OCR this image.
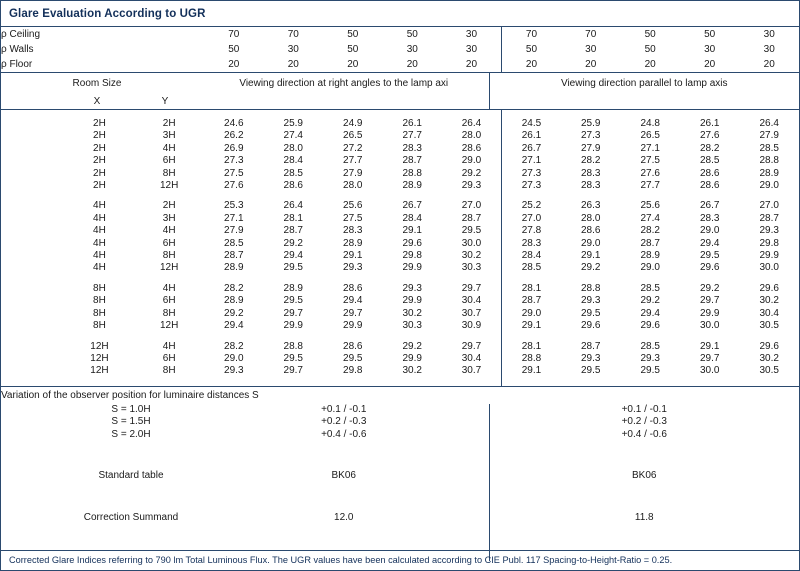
Glare Evaluation According to UGR
ρ Ceiling	70	70	50	50	30	70	70	50	50	30
ρ Walls	50	30	50	30	30	50	30	50	30	30
ρ Floor	20	20	20	20	20	20	20	20	20	20
	Room Size		Viewing direction at right angles to the lamp axi	Viewing direction parallel to lamp axis
	X	Y		

	2H	2H	24.6	25.9	24.9	26.1	26.4	24.5	25.9	24.8	26.1	26.4
	2H	3H	26.2	27.4	26.5	27.7	28.0	26.1	27.3	26.5	27.6	27.9
	2H	4H	26.9	28.0	27.2	28.3	28.6	26.7	27.9	27.1	28.2	28.5
	2H	6H	27.3	28.4	27.7	28.7	29.0	27.1	28.2	27.5	28.5	28.8
	2H	8H	27.5	28.5	27.9	28.8	29.2	27.3	28.3	27.6	28.6	28.9
	2H	12H	27.6	28.6	28.0	28.9	29.3	27.3	28.3	27.7	28.6	29.0

	4H	2H	25.3	26.4	25.6	26.7	27.0	25.2	26.3	25.6	26.7	27.0
	4H	3H	27.1	28.1	27.5	28.4	28.7	27.0	28.0	27.4	28.3	28.7
	4H	4H	27.9	28.7	28.3	29.1	29.5	27.8	28.6	28.2	29.0	29.3
	4H	6H	28.5	29.2	28.9	29.6	30.0	28.3	29.0	28.7	29.4	29.8
	4H	8H	28.7	29.4	29.1	29.8	30.2	28.4	29.1	28.9	29.5	29.9
	4H	12H	28.9	29.5	29.3	29.9	30.3	28.5	29.2	29.0	29.6	30.0

	8H	4H	28.2	28.9	28.6	29.3	29.7	28.1	28.8	28.5	29.2	29.6
	8H	6H	28.9	29.5	29.4	29.9	30.4	28.7	29.3	29.2	29.7	30.2
	8H	8H	29.2	29.7	29.7	30.2	30.7	29.0	29.5	29.4	29.9	30.4
	8H	12H	29.4	29.9	29.9	30.3	30.9	29.1	29.6	29.6	30.0	30.5

	12H	4H	28.2	28.8	28.6	29.2	29.7	28.1	28.7	28.5	29.1	29.6
	12H	6H	29.0	29.5	29.5	29.9	30.4	28.8	29.3	29.3	29.7	30.2
	12H	8H	29.3	29.7	29.8	30.2	30.7	29.1	29.5	29.5	30.0	30.5

Variation of the observer position for luminaire distances S			
	S = 1.0H	+0.1 / -0.1	+0.1 / -0.1
	S = 1.5H	+0.2 / -0.3	+0.2 / -0.3
	S = 2.0H	+0.4 / -0.6	+0.4 / -0.6

	Standard table	BK06	BK06

	Correction Summand	12.0	11.8

Corrected Glare Indices referring to 790 lm Total Luminous Flux. The UGR values have been calculated according to CIE Publ. 117 Spacing-to-Height-Ratio = 0.25.
